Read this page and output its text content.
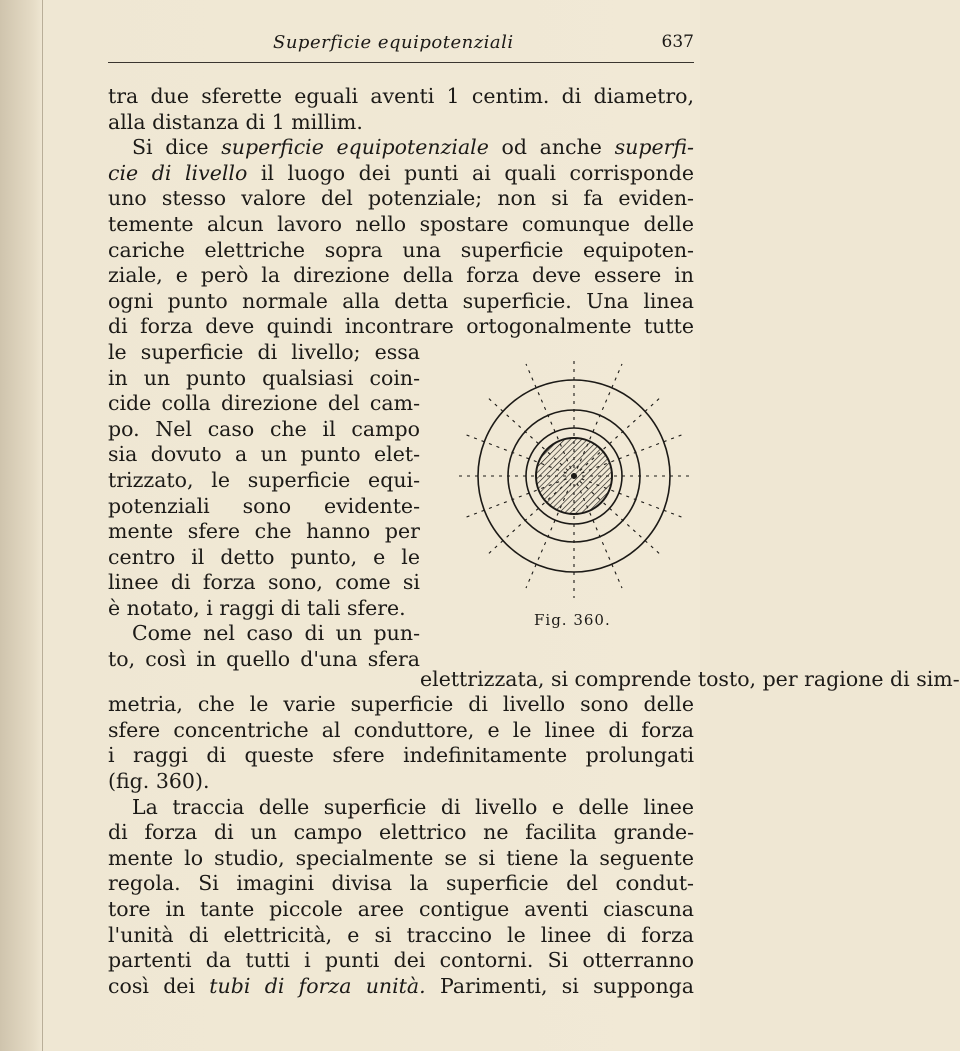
Superficie equipotenziali	637
tra due sferette eguali aventi 1 centim. di diametro,
alla distanza di 1 millim.
Si dice superficie equipotenziale od anche superfi-
cie di livello il luogo dei punti ai quali corrisponde
uno stesso valore del potenziale; non si fa eviden-
temente alcun lavoro nello spostare comunque delle
cariche elettriche sopra una superficie equipoten-
ziale, e però la direzione della forza deve essere in
ogni punto normale alla detta superficie. Una linea
di forza deve quindi incontrare ortogonalmente tutte
le superficie di livello; essa
in un punto qualsiasi coin-
cide colla direzione del cam-
po. Nel caso che il campo
sia dovuto a un punto elet-
trizzato, le superficie equi-
potenziali sono evidente-
mente sfere che hanno per
centro il detto punto, e le
linee di forza sono, come si
è notato, i raggi di tali sfere.
Come nel caso di un pun-
to, così in quello d'una sfera
Fig. 360.
elettrizzata, si comprende tosto, per ragione di sim-
metria, che le varie superficie di livello sono delle
sfere concentriche al conduttore, e le linee di forza
i raggi di queste sfere indefinitamente prolungati
(fig. 360).
La traccia delle superficie di livello e delle linee
di forza di un campo elettrico ne facilita grande-
mente lo studio, specialmente se si tiene la seguente
regola. Si imagini divisa la superficie del condut-
tore in tante piccole aree contigue aventi ciascuna
l'unità di elettricità, e si traccino le linee di forza
partenti da tutti i punti dei contorni. Si otterranno
così dei tubi di forza unità. Parimenti, si supponga
